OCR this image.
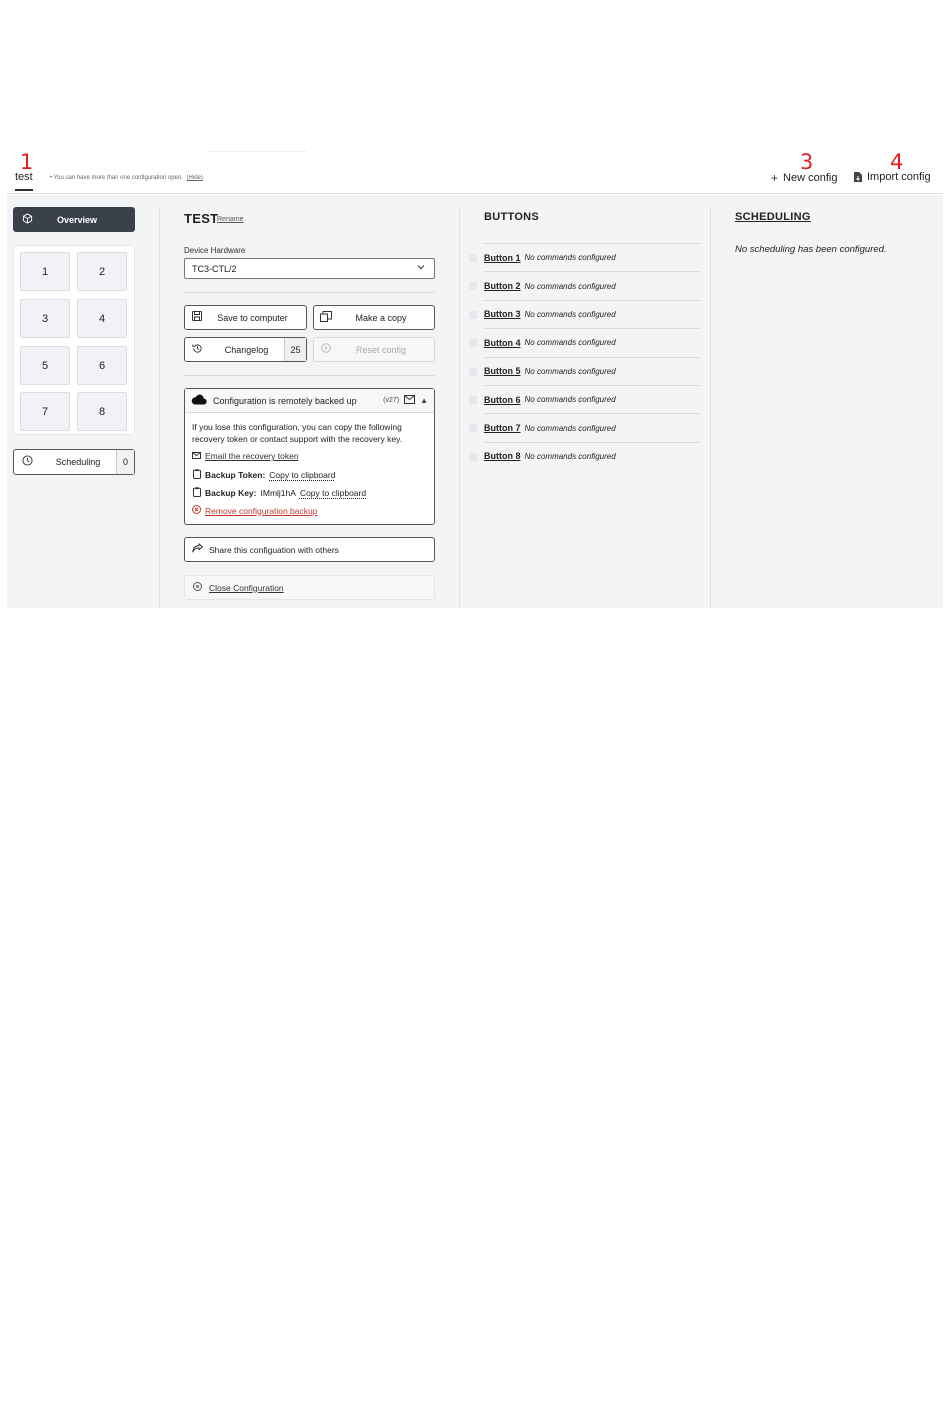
1	3	4
test	• You can have more than one configuration open. (Hide)	+ New config	Import config
Overview
1	2
3	4
5	6
7	8
Scheduling	0
TEST
Rename
Device Hardware
TC3-CTL/2
Save to computer	Make a copy
Changelog	25	Reset config
Configuration is remotely backed up	(v27)	▲
If you lose this configuration, you can copy the following recovery token or contact support with the recovery key.
Email the recovery token
Backup Token: Copy to clipboard
Backup Key: IMmlj1hA Copy to clipboard
Remove configuration backup
Share this configuation with others
Close Configuration
BUTTONS
Button 1 No commands configured
Button 2 No commands configured
Button 3 No commands configured
Button 4 No commands configured
Button 5 No commands configured
Button 6 No commands configured
Button 7 No commands configured
Button 8 No commands configured
SCHEDULING
No scheduling has been configured.
